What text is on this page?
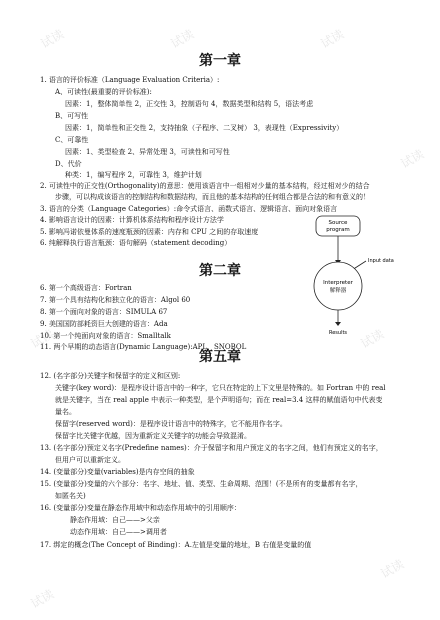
试读	试读	试读
试读
试读	试读
试读
试读
第一章
第二章
第五章
1. 语言的评价标准（Language Evaluation Criteria）:
A、可读性(最重要的评价标准):
因素：1，整体简单性 2，正交性 3，控制语句 4，数据类型和结构 5，语法考虑
B、可写性
因素：1，简单性和正交性 2，支持抽象（子程序、二叉树） 3，表现性（Expressivity）
C、可靠性
因素：1、类型检查 2、异常处理 3，可读性和可写性
D、代价
种类：1，编写程序 2，可靠性 3，维护计划
2. 可读性中的正交性(Orthogonality)的意思：使用该语言中一组相对少量的基本结构，经过相对少的结合
步骤，可以构成该语言的控制结构和数据结构，而且他的基本结构的任何组合都是合法的和有意义的！
3. 语言的分类（Language Categories）:命令式语言、函数式语言、逻辑语言、面向对象语言
4. 影响语言设计的因素：计算机体系结构和程序设计方法学
5. 影响冯诺依曼体系的速度瓶颈的因素：内存和 CPU 之间的存取速度
6. 纯解释执行语言瓶颈：语句解码（statement decoding）
Source
program
Input data
Interpreter
解释器
Results
6. 第一个高级语言：Fortran
7. 第一个具有结构化和独立化的语言：Algol 60
8. 第一个面向对象的语言：SIMULA 67
9. 美国国防部耗资巨大创建的语言：Ada
10. 第一个纯面向对象的语言：Smalltalk
11. 两个早期的动态语言(Dynamic Language):APL、SNOBOL
12. (名字部分)关键字和保留字的定义和区别:
关键字(key word)：是程序设计语言中的一种字，它只在特定的上下文里是特殊的。如 Fortran 中的 real
就是关键字，当在 real apple 中表示一种类型，是个声明语句；而在 real=3.4 这样的赋值语句中代表变
量名。
保留字(reserved word)：是程序设计语言中的特殊字，它不能用作名字。
保留字比关键字优越，因为重新定义关键字的功能会导致混淆。
13. (名字部分)预定义名字(Predefine names)：介于保留字和用户预定义的名字之间，他们有预定义的名字，
但用户可以重新定义。
14. (变量部分)变量(variables)是内存空间的抽象
15. (变量部分)变量的六个部分：名字、地址、值、类型、生命周期、范围！(不是所有的变量都有名字，
如匿名关)
16. (变量部分)变量在静态作用域中和动态作用域中的引用顺序：
静态作用域：自己——>父亲
动态作用域：自己——>调用者
17. 绑定的概念(The Concept of Binding)：A.左值是变量的地址，B 右值是变量的值
